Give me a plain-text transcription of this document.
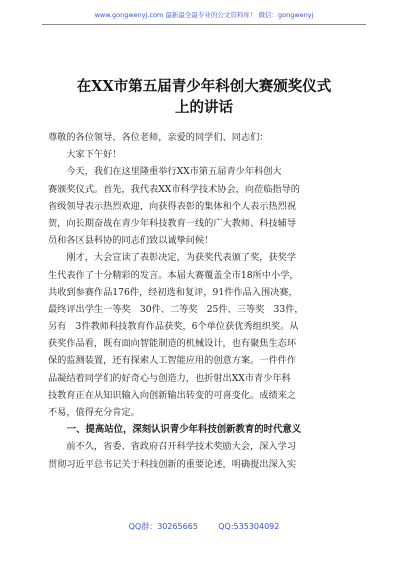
www.gongwenyj.com 最新最全最专业的公文资料库！ 微信：gongwenyj
在XX市第五届青少年科创大赛颁奖仪式
上的讲话
尊敬的各位领导、各位老师，亲爱的同学们、同志们：
　　大家下午好！
　　今天，我们在这里隆重举行XX市第五届青少年科创大
赛颁奖仪式。首先，我代表XX市科学技术协会，向莅临指导的
省级领导表示热烈欢迎，向获得表彰的集体和个人表示热烈祝
贺，向长期奋战在青少年科技教育一线的广大教师、科技辅导
员和各区县科协的同志们致以诚挚问候！
　　刚才，大会宣读了表彰决定，为获奖代表颁了奖，获奖学
生代表作了十分精彩的发言。本届大赛覆盖全市18所中小学，
共收到参赛作品176件，经初选和复评，91件作品入围决赛，
最终评出学生一等奖　30件、二等奖　25件、三等奖　33件，
另有　3件教师科技教育作品获奖，6个单位获优秀组织奖。从
获奖作品看，既有面向智能制造的机械设计，也有聚焦生态环
保的监测装置，还有探索人工智能应用的创意方案。一件件作
品凝结着同学们的好奇心与创造力，也折射出XX市青少年科
技教育正在从知识输入向创新输出转变的可喜变化。成绩来之
不易，值得充分肯定。
　　一、提高站位，深刻认识青少年科技创新教育的时代意义
　　前不久，省委、省政府召开科学技术奖励大会，深入学习
贯彻习近平总书记关于科技创新的重要论述，明确提出深入实
QQ群：30265665        QQ:535304092
